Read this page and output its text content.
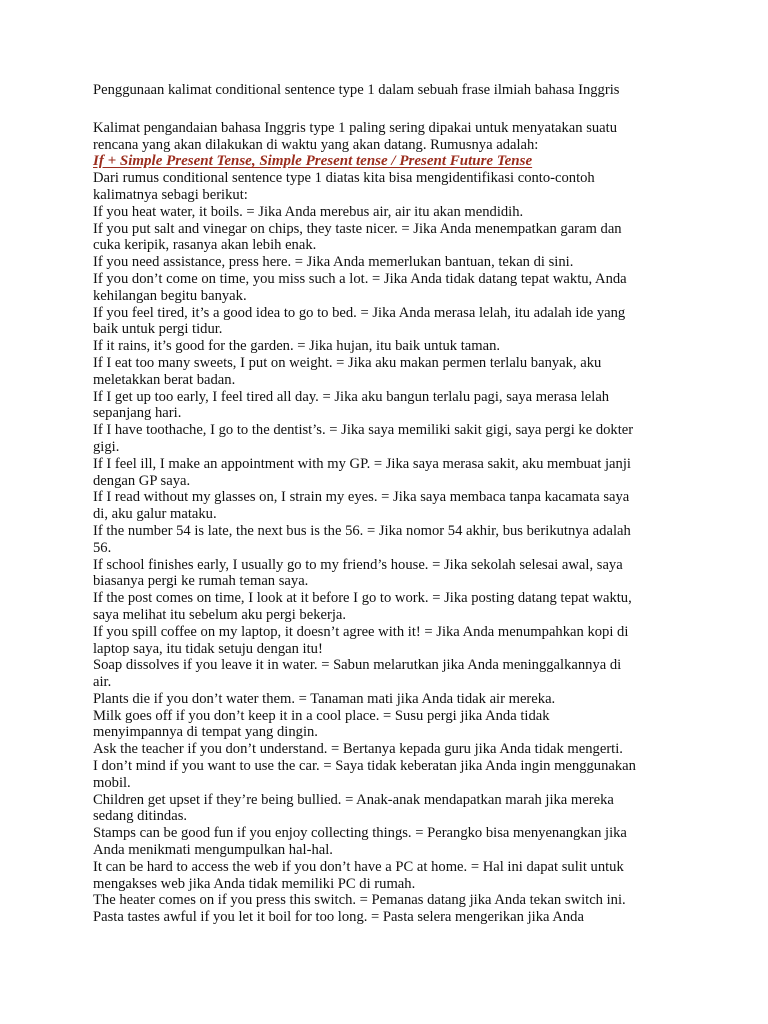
Penggunaan kalimat conditional sentence type 1 dalam sebuah frase ilmiah bahasa Inggris
Kalimat pengandaian bahasa Inggris type 1 paling sering dipakai untuk menyatakan suatu
rencana yang akan dilakukan di waktu yang akan datang. Rumusnya adalah:
If + Simple Present Tense, Simple Present tense / Present Future Tense
Dari rumus conditional sentence type 1 diatas kita bisa mengidentifikasi conto-contoh
kalimatnya sebagi berikut:
If you heat water, it boils. = Jika Anda merebus air, air itu akan mendidih.
If you put salt and vinegar on chips, they taste nicer. = Jika Anda menempatkan garam dan
cuka keripik, rasanya akan lebih enak.
If you need assistance, press here. = Jika Anda memerlukan bantuan, tekan di sini.
If you don’t come on time, you miss such a lot. = Jika Anda tidak datang tepat waktu, Anda
kehilangan begitu banyak.
If you feel tired, it’s a good idea to go to bed. = Jika Anda merasa lelah, itu adalah ide yang
baik untuk pergi tidur.
If it rains, it’s good for the garden. = Jika hujan, itu baik untuk taman.
If I eat too many sweets, I put on weight. = Jika aku makan permen terlalu banyak, aku
meletakkan berat badan.
If I get up too early, I feel tired all day. = Jika aku bangun terlalu pagi, saya merasa lelah
sepanjang hari.
If I have toothache, I go to the dentist’s. = Jika saya memiliki sakit gigi, saya pergi ke dokter
gigi.
If I feel ill, I make an appointment with my GP. = Jika saya merasa sakit, aku membuat janji
dengan GP saya.
If I read without my glasses on, I strain my eyes. = Jika saya membaca tanpa kacamata saya
di, aku galur mataku.
If the number 54 is late, the next bus is the 56. = Jika nomor 54 akhir, bus berikutnya adalah
56.
If school finishes early, I usually go to my friend’s house. = Jika sekolah selesai awal, saya
biasanya pergi ke rumah teman saya.
If the post comes on time, I look at it before I go to work. = Jika posting datang tepat waktu,
saya melihat itu sebelum aku pergi bekerja.
If you spill coffee on my laptop, it doesn’t agree with it! = Jika Anda menumpahkan kopi di
laptop saya, itu tidak setuju dengan itu!
Soap dissolves if you leave it in water. = Sabun melarutkan jika Anda meninggalkannya di
air.
Plants die if you don’t water them. = Tanaman mati jika Anda tidak air mereka.
Milk goes off if you don’t keep it in a cool place. = Susu pergi jika Anda tidak
menyimpannya di tempat yang dingin.
Ask the teacher if you don’t understand. = Bertanya kepada guru jika Anda tidak mengerti.
I don’t mind if you want to use the car. = Saya tidak keberatan jika Anda ingin menggunakan
mobil.
Children get upset if they’re being bullied. = Anak-anak mendapatkan marah jika mereka
sedang ditindas.
Stamps can be good fun if you enjoy collecting things. = Perangko bisa menyenangkan jika
Anda menikmati mengumpulkan hal-hal.
It can be hard to access the web if you don’t have a PC at home. = Hal ini dapat sulit untuk
mengakses web jika Anda tidak memiliki PC di rumah.
The heater comes on if you press this switch. = Pemanas datang jika Anda tekan switch ini.
Pasta tastes awful if you let it boil for too long. = Pasta selera mengerikan jika Anda
